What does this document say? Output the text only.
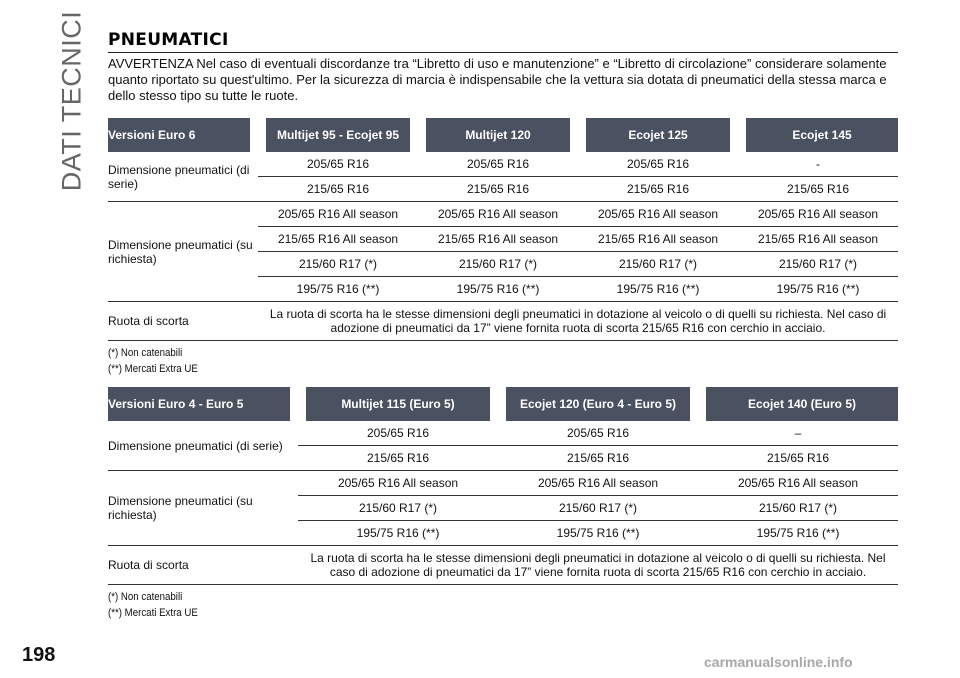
DATI TECNICI PNEUMATICI
AVVERTENZA Nel caso di eventuali discordanze tra “Libretto di uso e manutenzione” e “Libretto di circolazione” considerare solamente quanto riportato su quest'ultimo. Per la sicurezza di marcia è indispensabile che la vettura sia dotata di pneumatici della stessa marca e dello stesso tipo su tutte le ruote.
Versioni Euro 6	Multijet 95 - Ecojet 95	Multijet 120	Ecojet 125	Ecojet 145
Dimensione pneumatici (di serie)	205/65 R16	205/65 R16	205/65 R16	-
	215/65 R16	215/65 R16	215/65 R16	215/65 R16
Dimensione pneumatici (su richiesta)	205/65 R16 All season	205/65 R16 All season	205/65 R16 All season	205/65 R16 All season
	215/65 R16 All season	215/65 R16 All season	215/65 R16 All season	215/65 R16 All season
	215/60 R17 (*)	215/60 R17 (*)	215/60 R17 (*)	215/60 R17 (*)
	195/75 R16 (**)	195/75 R16 (**)	195/75 R16 (**)	195/75 R16 (**)
Ruota di scorta	La ruota di scorta ha le stesse dimensioni degli pneumatici in dotazione al veicolo o di quelli su richiesta. Nel caso di adozione di pneumatici da 17” viene fornita ruota di scorta 215/65 R16 con cerchio in acciaio.			
(*) Non catenabili
(**) Mercati Extra UE
Versioni Euro 4 - Euro 5	Multijet 115 (Euro 5)	Ecojet 120 (Euro 4 - Euro 5)	Ecojet 140 (Euro 5)
Dimensione pneumatici (di serie)	205/65 R16	205/65 R16	–
	215/65 R16	215/65 R16	215/65 R16
Dimensione pneumatici (su richiesta)	205/65 R16 All season	205/65 R16 All season	205/65 R16 All season
	215/60 R17 (*)	215/60 R17 (*)	215/60 R17 (*)
	195/75 R16 (**)	195/75 R16 (**)	195/75 R16 (**)
Ruota di scorta	La ruota di scorta ha le stesse dimensioni degli pneumatici in dotazione al veicolo o di quelli su richiesta. Nel caso di adozione di pneumatici da 17” viene fornita ruota di scorta 215/65 R16 con cerchio in acciaio.		
(*) Non catenabili
(**) Mercati Extra UE
198	carmanualsonline.info
